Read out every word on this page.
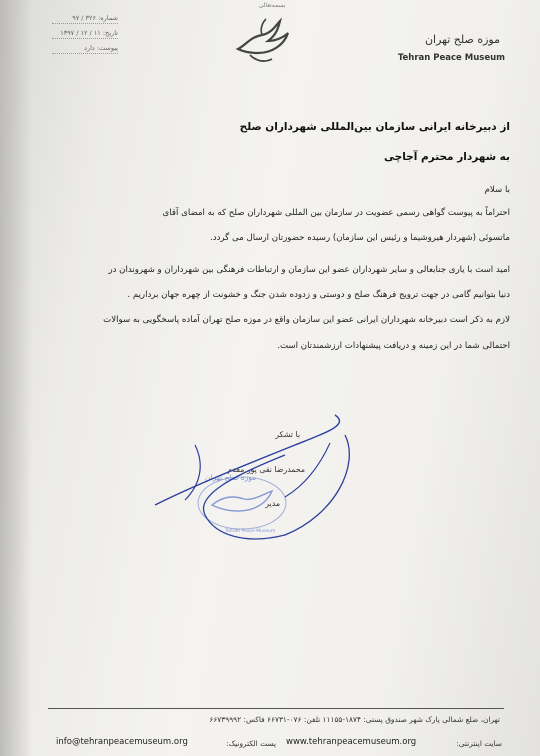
بسمه‌تعالی
شماره: ۳۲۶ / ۹۷
تاریخ: ۱۱ / ۱۲ / ۱۳۹۷
پیوست: دارد
موزه صلح تهران
Tehran Peace Museum
از دبیرخانه ایرانی سازمان بین‌المللی شهرداران صلح
به شهردار محترم آجاچی
با سلام
احتراماً به پیوست گواهی رسمی عضویت در سازمان بین المللی شهرداران صلح که به امضای آقای
ماتسوئی (شهردار هیروشیما و رئیس این سازمان) رسیده حضورتان ارسال می گردد.
امید است با یاری جنابعالی و سایر شهرداران عضو این سازمان و ارتباطات فرهنگی بین شهرداران و شهروندان در
دنیا بتوانیم گامی در جهت ترویج فرهنگ صلح و دوستی و زدوده شدن جنگ و خشونت از چهره جهان برداریم .
لازم به ذکر است دبیرخانه شهرداران ایرانی عضو این سازمان واقع در موزه صلح تهران آماده پاسخگویی به سوالات
احتمالی شما در این زمینه و دریافت پیشنهادات ارزشمندتان است.
با تشکر
محمدرضا نقی پور مقدم
مدیر
موزه صلح تهران
Tehran Peace Museum
تهران، ضلع شمالی پارک شهر صندوق پستی: ۱۸۷۴-۱۱۱۵۵ تلفن: ۰۷۶-۶۶۷۳۱ فاکس: ۶۶۷۳۹۹۹۲
سایت اینترنتی:
www.tehranpeacemuseum.org
پست الکترونیک:
info@tehranpeacemuseum.org
